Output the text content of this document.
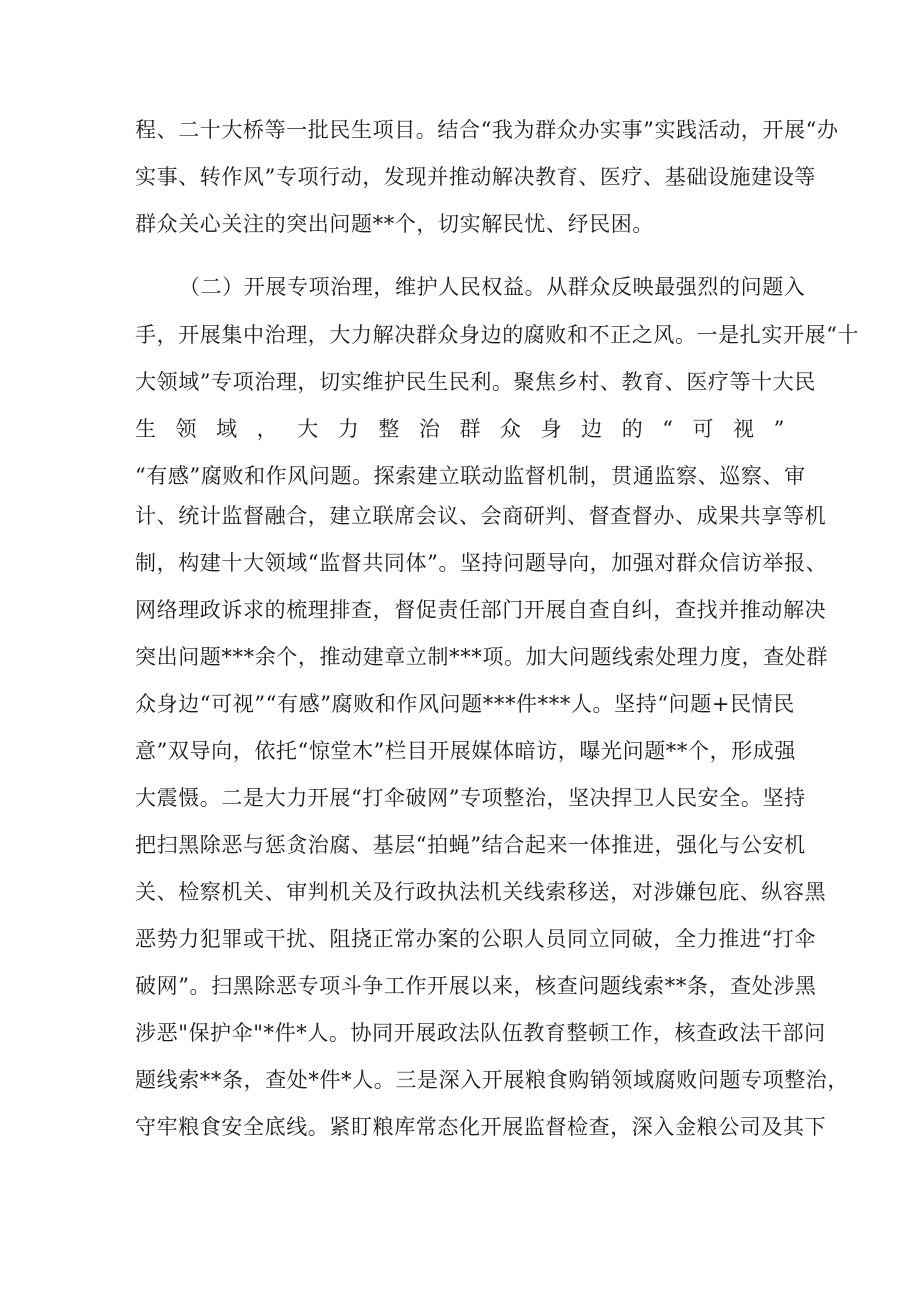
程、二十大桥等一批民生项目。结合“我为群众办实事”实践活动，开展“办
实事、转作风”专项行动，发现并推动解决教育、医疗、基础设施建设等
群众关心关注的突出问题**个，切实解民忧、纾民困。
（二）开展专项治理，维护人民权益。从群众反映最强烈的问题入
手，开展集中治理，大力解决群众身边的腐败和不正之风。一是扎实开展“十
大领域”专项治理，切实维护民生民利。聚焦乡村、教育、医疗等十大民
生领域，大力整治群众身边的“可视”
“有感”腐败和作风问题。探索建立联动监督机制，贯通监察、巡察、审
计、统计监督融合，建立联席会议、会商研判、督查督办、成果共享等机
制，构建十大领域“监督共同体”。坚持问题导向，加强对群众信访举报、
网络理政诉求的梳理排查，督促责任部门开展自查自纠，查找并推动解决
突出问题***余个，推动建章立制***项。加大问题线索处理力度，查处群
众身边“可视”“有感”腐败和作风问题***件***人。坚持“问题+民情民
意”双导向，依托“惊堂木”栏目开展媒体暗访，曝光问题**个，形成强
大震慑。二是大力开展“打伞破网”专项整治，坚决捍卫人民安全。坚持
把扫黑除恶与惩贪治腐、基层“拍蝇”结合起来一体推进，强化与公安机
关、检察机关、审判机关及行政执法机关线索移送，对涉嫌包庇、纵容黑
恶势力犯罪或干扰、阻挠正常办案的公职人员同立同破，全力推进“打伞
破网”。扫黑除恶专项斗争工作开展以来，核查问题线索**条，查处涉黑
涉恶"保护伞"*件*人。协同开展政法队伍教育整顿工作，核查政法干部问
题线索**条，查处*件*人。三是深入开展粮食购销领域腐败问题专项整治，
守牢粮食安全底线。紧盯粮库常态化开展监督检查，深入金粮公司及其下
